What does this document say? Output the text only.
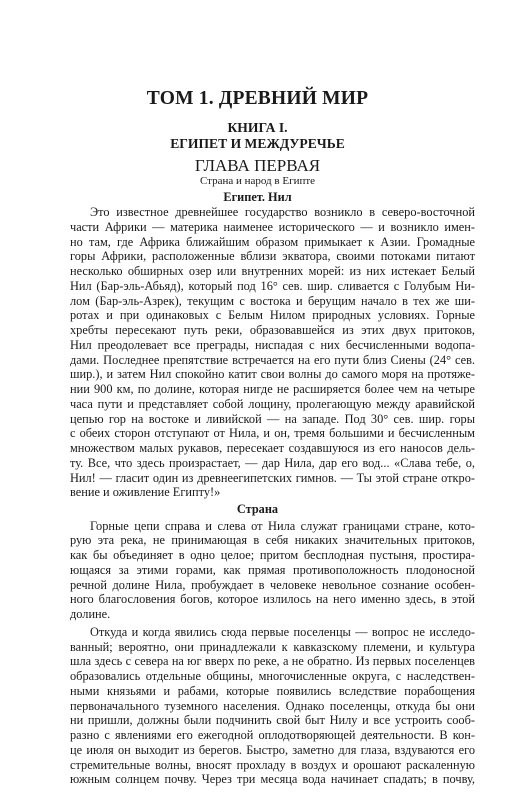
ТОМ 1. ДРЕВНИЙ МИР
КНИГА I.
ЕГИПЕТ И МЕЖДУРЕЧЬЕ
ГЛАВА ПЕРВАЯ
Страна и народ в Египте
Египет. Нил
Это известное древнейшее государство возникло в северо-восточной
части Африки — материка наименее исторического — и возникло имен-
но там, где Африка ближайшим образом примыкает к Азии. Громадные
горы Африки, расположенные вблизи экватора, своими потоками питают
несколько обширных озер или внутренних морей: из них истекает Белый
Нил (Бар-эль-Абьяд), который под 16° сев. шир. сливается с Голубым Ни-
лом (Бар-эль-Азрек), текущим с востока и берущим начало в тех же ши-
ротах и при одинаковых с Белым Нилом природных условиях. Горные
хребты пересекают путь реки, образовавшейся из этих двух притоков,
Нил преодолевает все преграды, ниспадая с них бесчисленными водопа-
дами. Последнее препятствие встречается на его пути близ Сиены (24° сев.
шир.), и затем Нил спокойно катит свои волны до самого моря на протяже-
нии 900 км, по долине, которая нигде не расширяется более чем на четыре
часа пути и представляет собой лощину, пролегающую между аравийской
цепью гор на востоке и ливийской — на западе. Под 30° сев. шир. горы
с обеих сторон отступают от Нила, и он, тремя большими и бесчисленным
множеством малых рукавов, пересекает создавшуюся из его наносов дель-
ту. Все, что здесь произрастает, — дар Нила, дар его вод... «Слава тебе, о,
Нил! — гласит один из древнеегипетских гимнов. — Ты этой стране откро-
вение и оживление Египту!»
Страна
Горные цепи справа и слева от Нила служат границами стране, кото-
рую эта река, не принимающая в себя никаких значительных притоков,
как бы объединяет в одно целое; притом бесплодная пустыня, простира-
ющаяся за этими горами, как прямая противоположность плодоносной
речной долине Нила, пробуждает в человеке невольное сознание особен-
ного благословения богов, которое излилось на него именно здесь, в этой
долине.
Откуда и когда явились сюда первые поселенцы — вопрос не исследо-
ванный; вероятно, они принадлежали к кавказскому племени, и культура
шла здесь с севера на юг вверх по реке, а не обратно. Из первых поселенцев
образовались отдельные общины, многочисленные округа, с наследствен-
ными князьями и рабами, которые появились вследствие порабощения
первоначального туземного населения. Однако поселенцы, откуда бы они
ни пришли, должны были подчинить свой быт Нилу и все устроить сооб-
разно с явлениями его ежегодной оплодотворяющей деятельности. В кон-
це июля он выходит из берегов. Быстро, заметно для глаза, вздуваются его
стремительные волны, вносят прохладу в воздух и орошают раскаленную
южным солнцем почву. Через три месяца вода начинает спадать; в почву,
